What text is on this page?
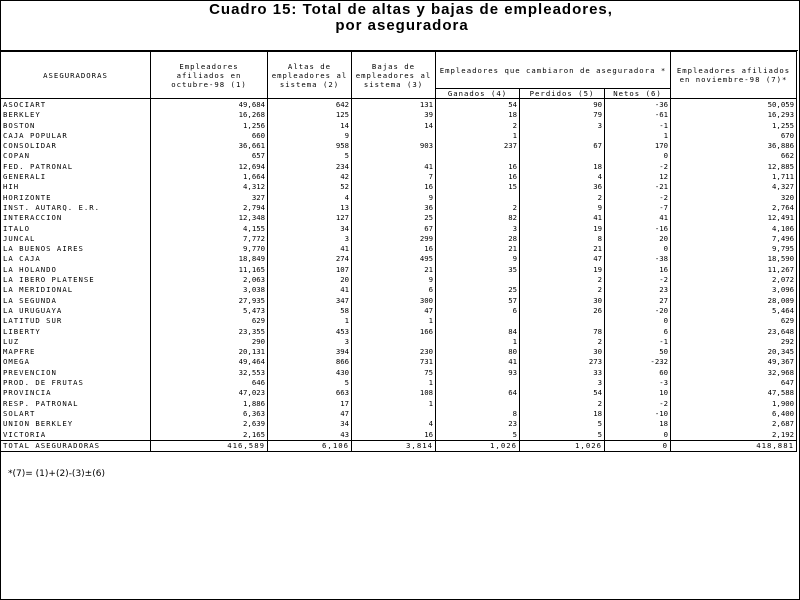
Cuadro 15: Total de altas y bajas de empleadores,
por aseguradora
ASEGURADORAS	Empleadores afiliados en octubre-98 (1)	Altas de empleadores al sistema (2)	Bajas de empleadores al sistema (3)	Empleadores que cambiaron de aseguradora *			Empleadores afiliados en noviembre-98 (7)*
				Ganados (4)	Perdidos (5)	Netos (6)	
ASOCIART	49,684	642	131	54	90	-36	50,059
BERKLEY	16,268	125	39	18	79	-61	16,293
BOSTON	1,256	14	14	2	3	-1	1,255
CAJA POPULAR	660	9		1		1	670
CONSOLIDAR	36,661	958	903	237	67	170	36,886
COPAN	657	5				0	662
FED. PATRONAL	12,694	234	41	16	18	-2	12,885
GENERALI	1,664	42	7	16	4	12	1,711
HIH	4,312	52	16	15	36	-21	4,327
HORIZONTE	327	4	9		2	-2	320
INST. AUTARQ. E.R.	2,794	13	36	2	9	-7	2,764
INTERACCION	12,348	127	25	82	41	41	12,491
ITALO	4,155	34	67	3	19	-16	4,106
JUNCAL	7,772	3	299	28	8	20	7,496
LA BUENOS AIRES	9,770	41	16	21	21	0	9,795
LA CAJA	18,849	274	495	9	47	-38	18,590
LA HOLANDO	11,165	107	21	35	19	16	11,267
LA IBERO PLATENSE	2,063	20	9		2	-2	2,072
LA MERIDIONAL	3,038	41	6	25	2	23	3,096
LA SEGUNDA	27,935	347	300	57	30	27	28,009
LA URUGUAYA	5,473	58	47	6	26	-20	5,464
LATITUD SUR	629	1	1			0	629
LIBERTY	23,355	453	166	84	78	6	23,648
LUZ	290	3		1	2	-1	292
MAPFRE	20,131	394	230	80	30	50	20,345
OMEGA	49,464	866	731	41	273	-232	49,367
PREVENCION	32,553	430	75	93	33	60	32,968
PROD. DE FRUTAS	646	5	1		3	-3	647
PROVINCIA	47,023	663	108	64	54	10	47,588
RESP. PATRONAL	1,886	17	1		2	-2	1,900
SOLART	6,363	47		8	18	-10	6,400
UNION BERKLEY	2,639	34	4	23	5	18	2,687
VICTORIA	2,165	43	16	5	5	0	2,192
TOTAL ASEGURADORAS	416,589	6,106	3,814	1,026	1,026	0	418,881
*(7)= (1)+(2)-(3)±(6)
